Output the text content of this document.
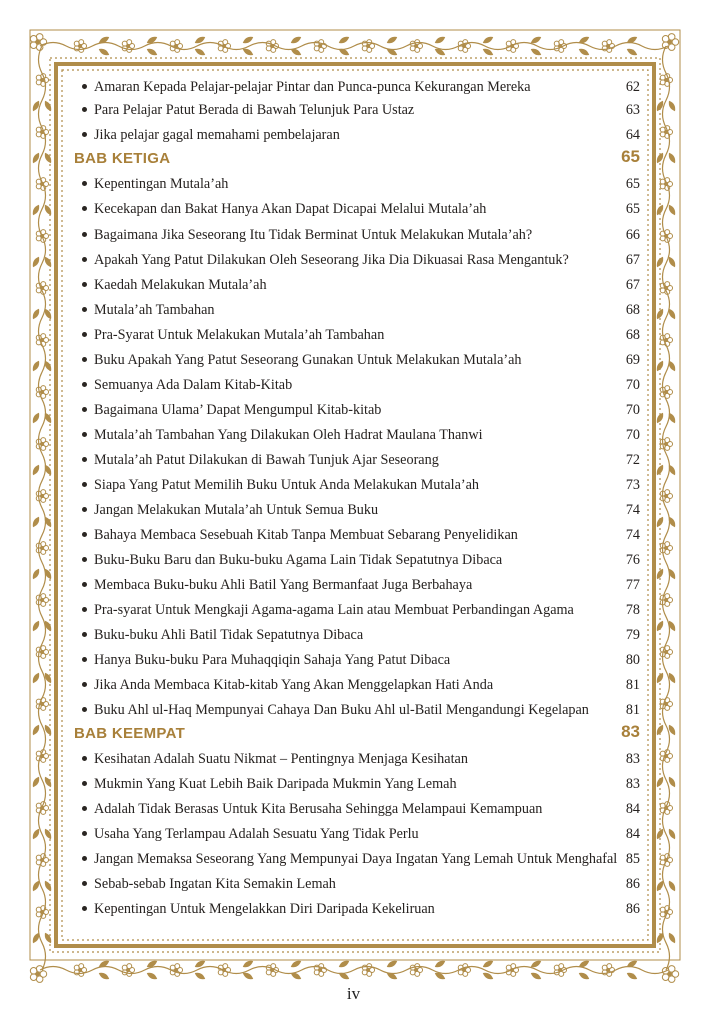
Amaran Kepada Pelajar-pelajar Pintar dan Punca-punca Kekurangan Mereka	62
Para Pelajar Patut Berada di Bawah Telunjuk Para Ustaz	63
Jika pelajar gagal memahami pembelajaran	64
BAB KETIGA	65
Kepentingan Mutala’ah	65
Kecekapan dan Bakat Hanya Akan Dapat Dicapai Melalui Mutala’ah	65
Bagaimana Jika Seseorang Itu Tidak Berminat Untuk Melakukan Mutala’ah?	66
Apakah Yang Patut Dilakukan Oleh Seseorang Jika Dia Dikuasai Rasa Mengantuk?	67
Kaedah Melakukan Mutala’ah	67
Mutala’ah Tambahan	68
Pra-Syarat Untuk Melakukan Mutala’ah Tambahan	68
Buku Apakah Yang Patut Seseorang Gunakan Untuk Melakukan Mutala’ah	69
Semuanya Ada Dalam Kitab-Kitab	70
Bagaimana Ulama’ Dapat Mengumpul Kitab-kitab	70
Mutala’ah Tambahan Yang Dilakukan Oleh Hadrat Maulana Thanwi	70
Mutala’ah Patut Dilakukan di Bawah Tunjuk Ajar Seseorang	72
Siapa Yang Patut Memilih Buku Untuk Anda Melakukan Mutala’ah	73
Jangan Melakukan Mutala’ah Untuk Semua Buku	74
Bahaya Membaca Sesebuah Kitab Tanpa Membuat Sebarang Penyelidikan	74
Buku-Buku Baru dan Buku-buku Agama Lain Tidak Sepatutnya Dibaca	76
Membaca Buku-buku Ahli Batil Yang Bermanfaat Juga Berbahaya	77
Pra-syarat Untuk Mengkaji Agama-agama Lain atau Membuat Perbandingan Agama	78
Buku-buku Ahli Batil Tidak Sepatutnya Dibaca	79
Hanya Buku-buku Para Muhaqqiqin Sahaja Yang Patut Dibaca	80
Jika Anda Membaca Kitab-kitab Yang Akan Menggelapkan Hati Anda	81
Buku Ahl ul-Haq Mempunyai Cahaya Dan Buku Ahl ul-Batil Mengandungi Kegelapan	81
BAB KEEMPAT	83
Kesihatan Adalah Suatu Nikmat – Pentingnya Menjaga Kesihatan	83
Mukmin Yang Kuat Lebih Baik Daripada Mukmin Yang Lemah	83
Adalah Tidak Berasas Untuk Kita Berusaha Sehingga Melampaui Kemampuan	84
Usaha Yang Terlampau Adalah Sesuatu Yang Tidak Perlu	84
Jangan Memaksa Seseorang Yang Mempunyai Daya Ingatan Yang Lemah Untuk Menghafal 85
Sebab-sebab Ingatan Kita Semakin Lemah	86
Kepentingan Untuk Mengelakkan Diri Daripada Kekeliruan	86
iv
